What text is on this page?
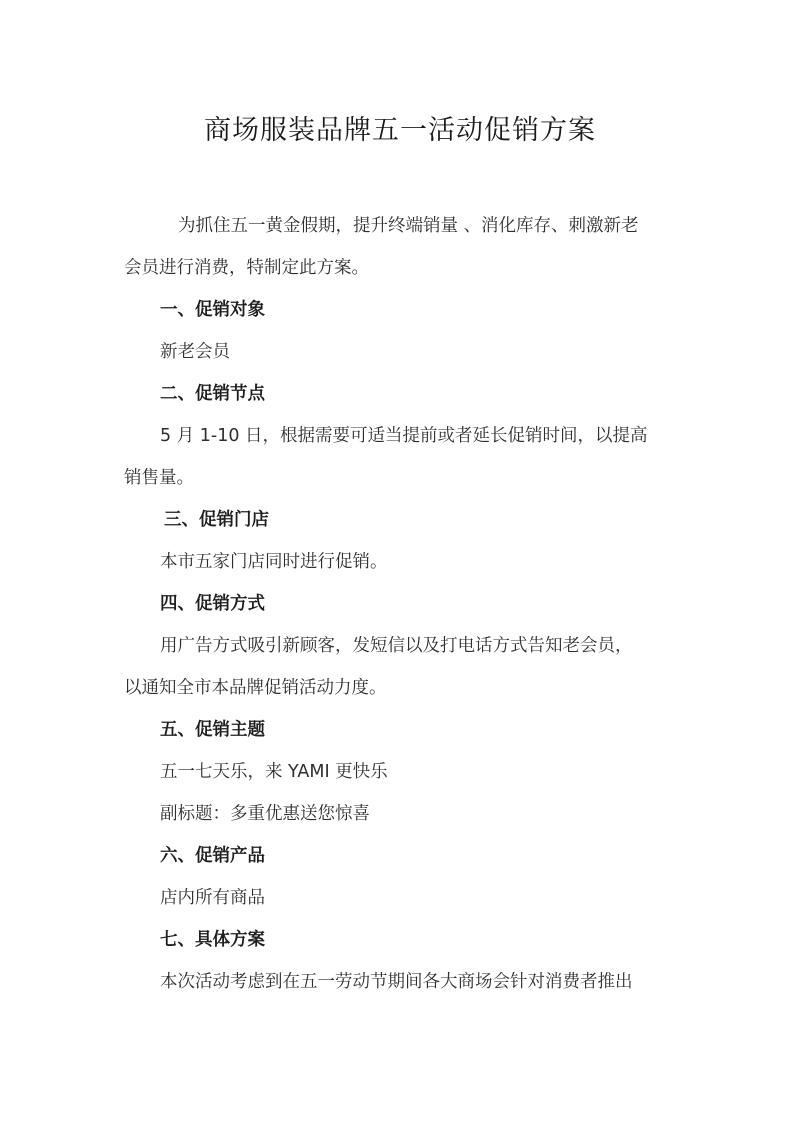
商场服装品牌五一活动促销方案
为抓住五一黄金假期，提升终端销量 、消化库存、刺激新老
会员进行消费，特制定此方案。
一、促销对象
新老会员
二、促销节点
5 月 1-10 日，根据需要可适当提前或者延长促销时间，以提高
销售量。
三、促销门店
本市五家门店同时进行促销。
四、促销方式
用广告方式吸引新顾客，发短信以及打电话方式告知老会员，
以通知全市本品牌促销活动力度。
五、促销主题
五一七天乐，来 YAMI 更快乐
副标题：多重优惠送您惊喜
六、促销产品
店内所有商品
七、具体方案
本次活动考虑到在五一劳动节期间各大商场会针对消费者推出
